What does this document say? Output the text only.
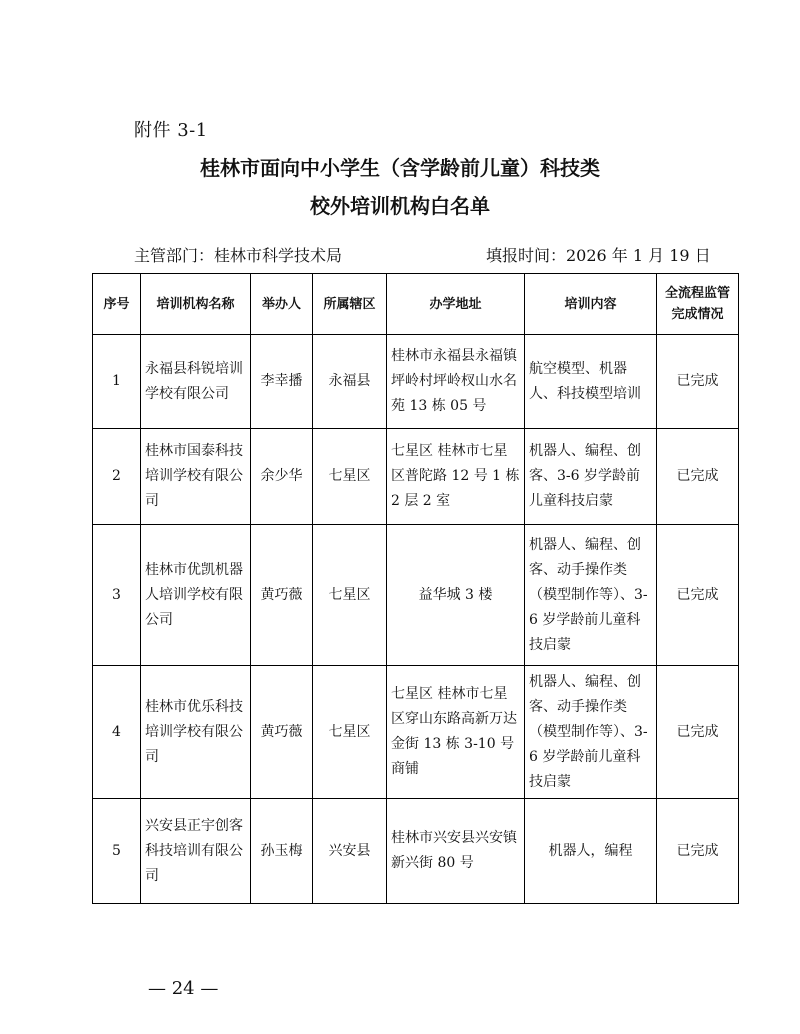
附件 3-1
桂林市面向中小学生（含学龄前儿童）科技类
校外培训机构白名单
主管部门：桂林市科学技术局	填报时间：2026 年 1 月 19 日
序号	培训机构名称	举办人	所属辖区	办学地址	培训内容	全流程监管完成情况
1	永福县科锐培训学校有限公司	李幸播	永福县	桂林市永福县永福镇坪岭村坪岭杈山水名苑 13 栋 05 号	航空模型、机器人、科技模型培训	已完成
2	桂林市国泰科技培训学校有限公司	余少华	七星区	七星区 桂林市七星区普陀路 12 号 1 栋 2 层 2 室	机器人、编程、创客、3-6 岁学龄前儿童科技启蒙	已完成
3	桂林市优凯机器人培训学校有限公司	黄巧薇	七星区	益华城 3 楼	机器人、编程、创客、动手操作类（模型制作等）、3-6 岁学龄前儿童科技启蒙	已完成
4	桂林市优乐科技培训学校有限公司	黄巧薇	七星区	七星区 桂林市七星区穿山东路高新万达金街 13 栋 3-10 号商铺	机器人、编程、创客、动手操作类（模型制作等）、3-6 岁学龄前儿童科技启蒙	已完成
5	兴安县正宇创客科技培训有限公司	孙玉梅	兴安县	桂林市兴安县兴安镇新兴街 80 号	机器人，编程	已完成
— 24 —
